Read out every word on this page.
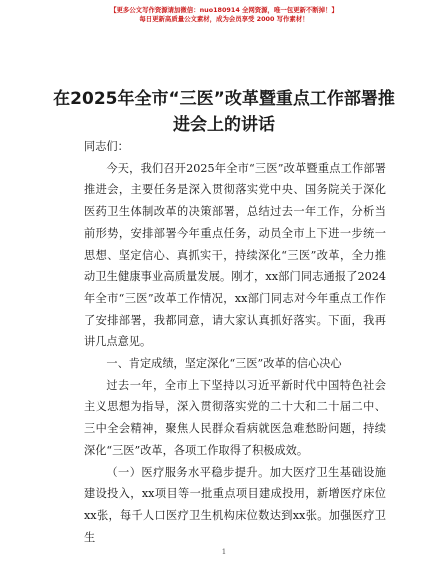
【更多公文写作资源请加微信：nuo180914 全网资源，唯一包更新不断掉！】
每日更新高质量公文素材，成为会员享受 2000 写作素材！
在2025年全市“三医”改革暨重点工作部署推进会上的讲话

同志们：

今天，我们召开2025年全市“三医”改革暨重点工作部署推进会，主要任务是深入贯彻落实党中央、国务院关于深化医药卫生体制改革的决策部署，总结过去一年工作，分析当前形势，安排部署今年重点任务，动员全市上下进一步统一思想、坚定信心、真抓实干，持续深化“三医”改革，全力推动卫生健康事业高质量发展。刚才，xx部门同志通报了2024年全市“三医”改革工作情况，xx部门同志对今年重点工作作了安排部署，我都同意，请大家认真抓好落实。下面，我再讲几点意见。

一、肯定成绩，坚定深化“三医”改革的信心决心

过去一年，全市上下坚持以习近平新时代中国特色社会主义思想为指导，深入贯彻落实党的二十大和二十届二中、三中全会精神，聚焦人民群众看病就医急难愁盼问题，持续深化“三医”改革，各项工作取得了积极成效。

（一）医疗服务水平稳步提升。加大医疗卫生基础设施建设投入，xx项目等一批重点项目建成投用，新增医疗床位xx张，每千人口医疗卫生机构床位数达到xx张。加强医疗卫生

1
